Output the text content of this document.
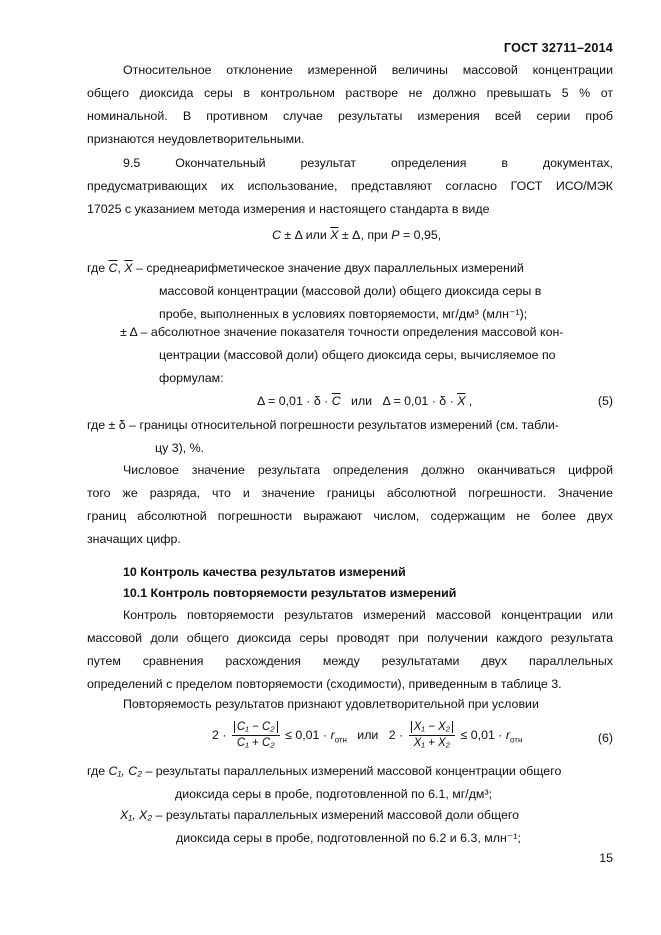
ГОСТ 32711–2014
Относительное отклонение измеренной величины массовой концентрации
общего диоксида серы в контрольном растворе не должно превышать 5 % от
номинальной. В противном случае результаты измерения всей серии проб
признаются неудовлетворительными.
9.5    Окончательный    результат    определения    в    документах,
предусматривающих их использование, представляют согласно ГОСТ ИСО/МЭК
17025 с указанием метода измерения и настоящего стандарта в виде
C ± Δ или $\overline{X} \pm \Delta$, при P = 0,95,
где $\overline{C}$, $\overline{X}$ – среднеарифметическое значение двух параллельных измерений
массовой концентрации (массовой доли) общего диоксида серы в
пробе, выполненных в условиях повторяемости, мг/дм³ (млн⁻¹);
± Δ – абсолютное значение показателя точности определения массовой кон-
центрации (массовой доли) общего диоксида серы, вычисляемое по
формулам:
$\Delta = 0,01 \cdot \delta \cdot \overline{C}$   или   $\Delta = 0,01 \cdot \delta \cdot \overline{X}$ ,	(5)
где ± δ – границы относительной погрешности результатов измерений (см. табли-
цу 3), %.
Числовое значение результата определения должно оканчиваться цифрой
того же разряда, что и значение границы абсолютной погрешности. Значение
границ абсолютной погрешности выражают числом, содержащим не более двух
значащих цифр.
10 Контроль качества результатов измерений
10.1 Контроль повторяемости результатов измерений
Контроль повторяемости результатов измерений массовой концентрации или
массовой доли общего диоксида серы проводят при получении каждого результата
путем    сравнения    расхождения    между    результатами    двух    параллельных
определений с пределом повторяемости (сходимости), приведенным в таблице 3.
Повторяемость результатов признают удовлетворительной при условии
$2 \cdot \frac{\text{C₁ − C₂}}{\text{C₁ + C₂}} \le 0,01 \cdot r_{отн}$   или   $2 \cdot \frac{\text{X₁ − X₂}}{\text{X₁ + X₂}} \le 0,01 \cdot r_{отн}$	(6)
где C₁, C₂ – результаты параллельных измерений массовой концентрации общего
диоксида серы в пробе, подготовленной по 6.1, мг/дм³;
X₁, X₂ – результаты параллельных измерений массовой доли общего
диоксида серы в пробе, подготовленной по 6.2 и 6.3, млн⁻¹;
15
